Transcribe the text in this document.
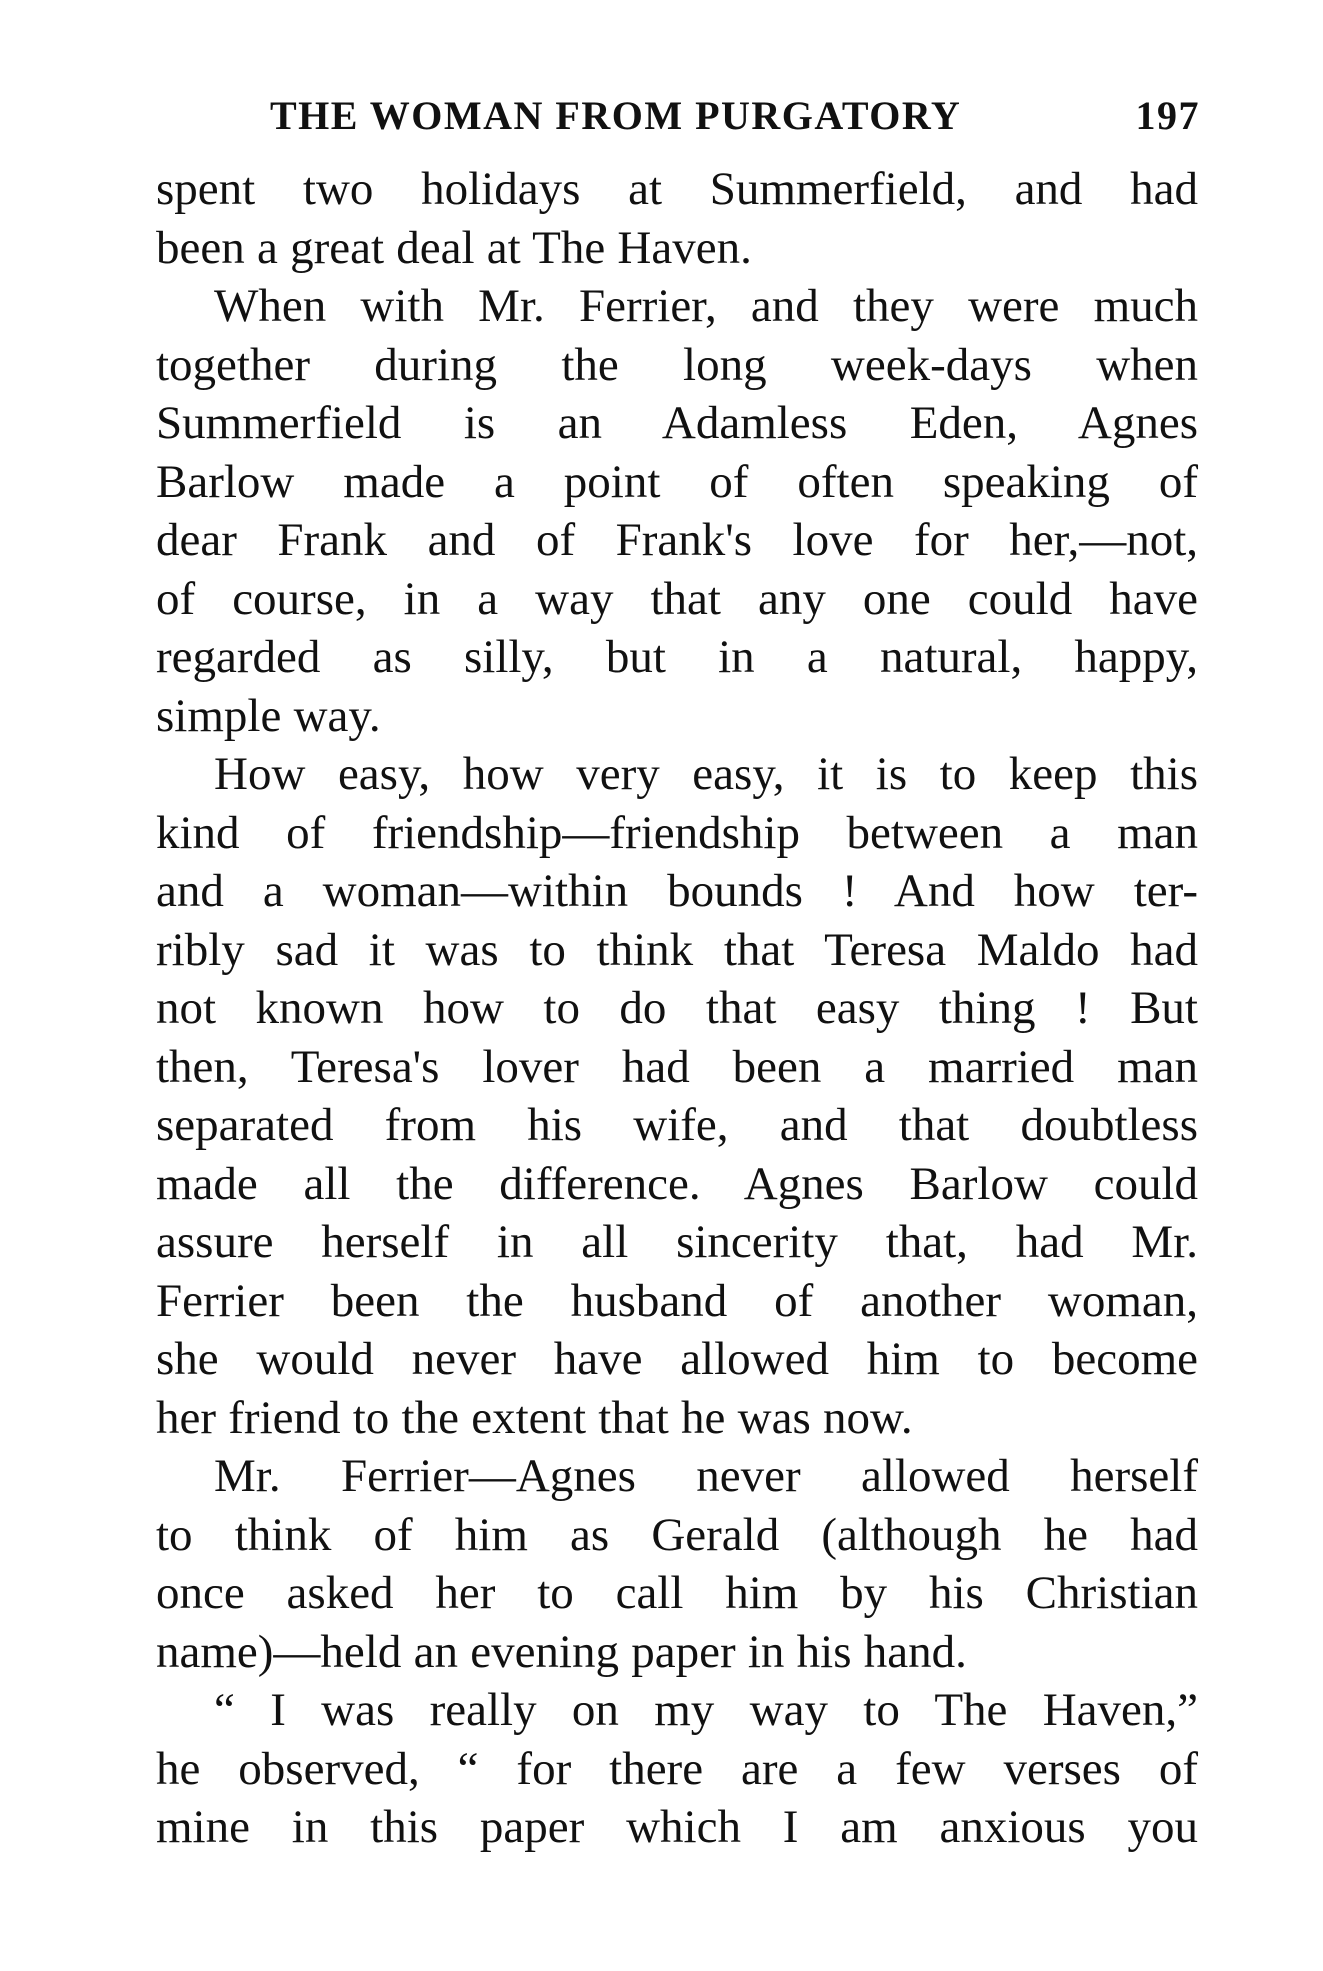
THE WOMAN FROM PURGATORY	197
spent two holidays at Summerfield, and had
been a great deal at The Haven.
When with Mr. Ferrier, and they were much
together during the long week-days when
Summerfield is an Adamless Eden, Agnes
Barlow made a point of often speaking of
dear Frank and of Frank's love for her,—not,
of course, in a way that any one could have
regarded as silly, but in a natural, happy,
simple way.
How easy, how very easy, it is to keep this
kind of friendship—friendship between a man
and a woman—within bounds ! And how ter-
ribly sad it was to think that Teresa Maldo had
not known how to do that easy thing ! But
then, Teresa's lover had been a married man
separated from his wife, and that doubtless
made all the difference. Agnes Barlow could
assure herself in all sincerity that, had Mr.
Ferrier been the husband of another woman,
she would never have allowed him to become
her friend to the extent that he was now.
Mr. Ferrier—Agnes never allowed herself
to think of him as Gerald (although he had
once asked her to call him by his Christian
name)—held an evening paper in his hand.
“ I was really on my way to The Haven,”
he observed, “ for there are a few verses of
mine in this paper which I am anxious you
